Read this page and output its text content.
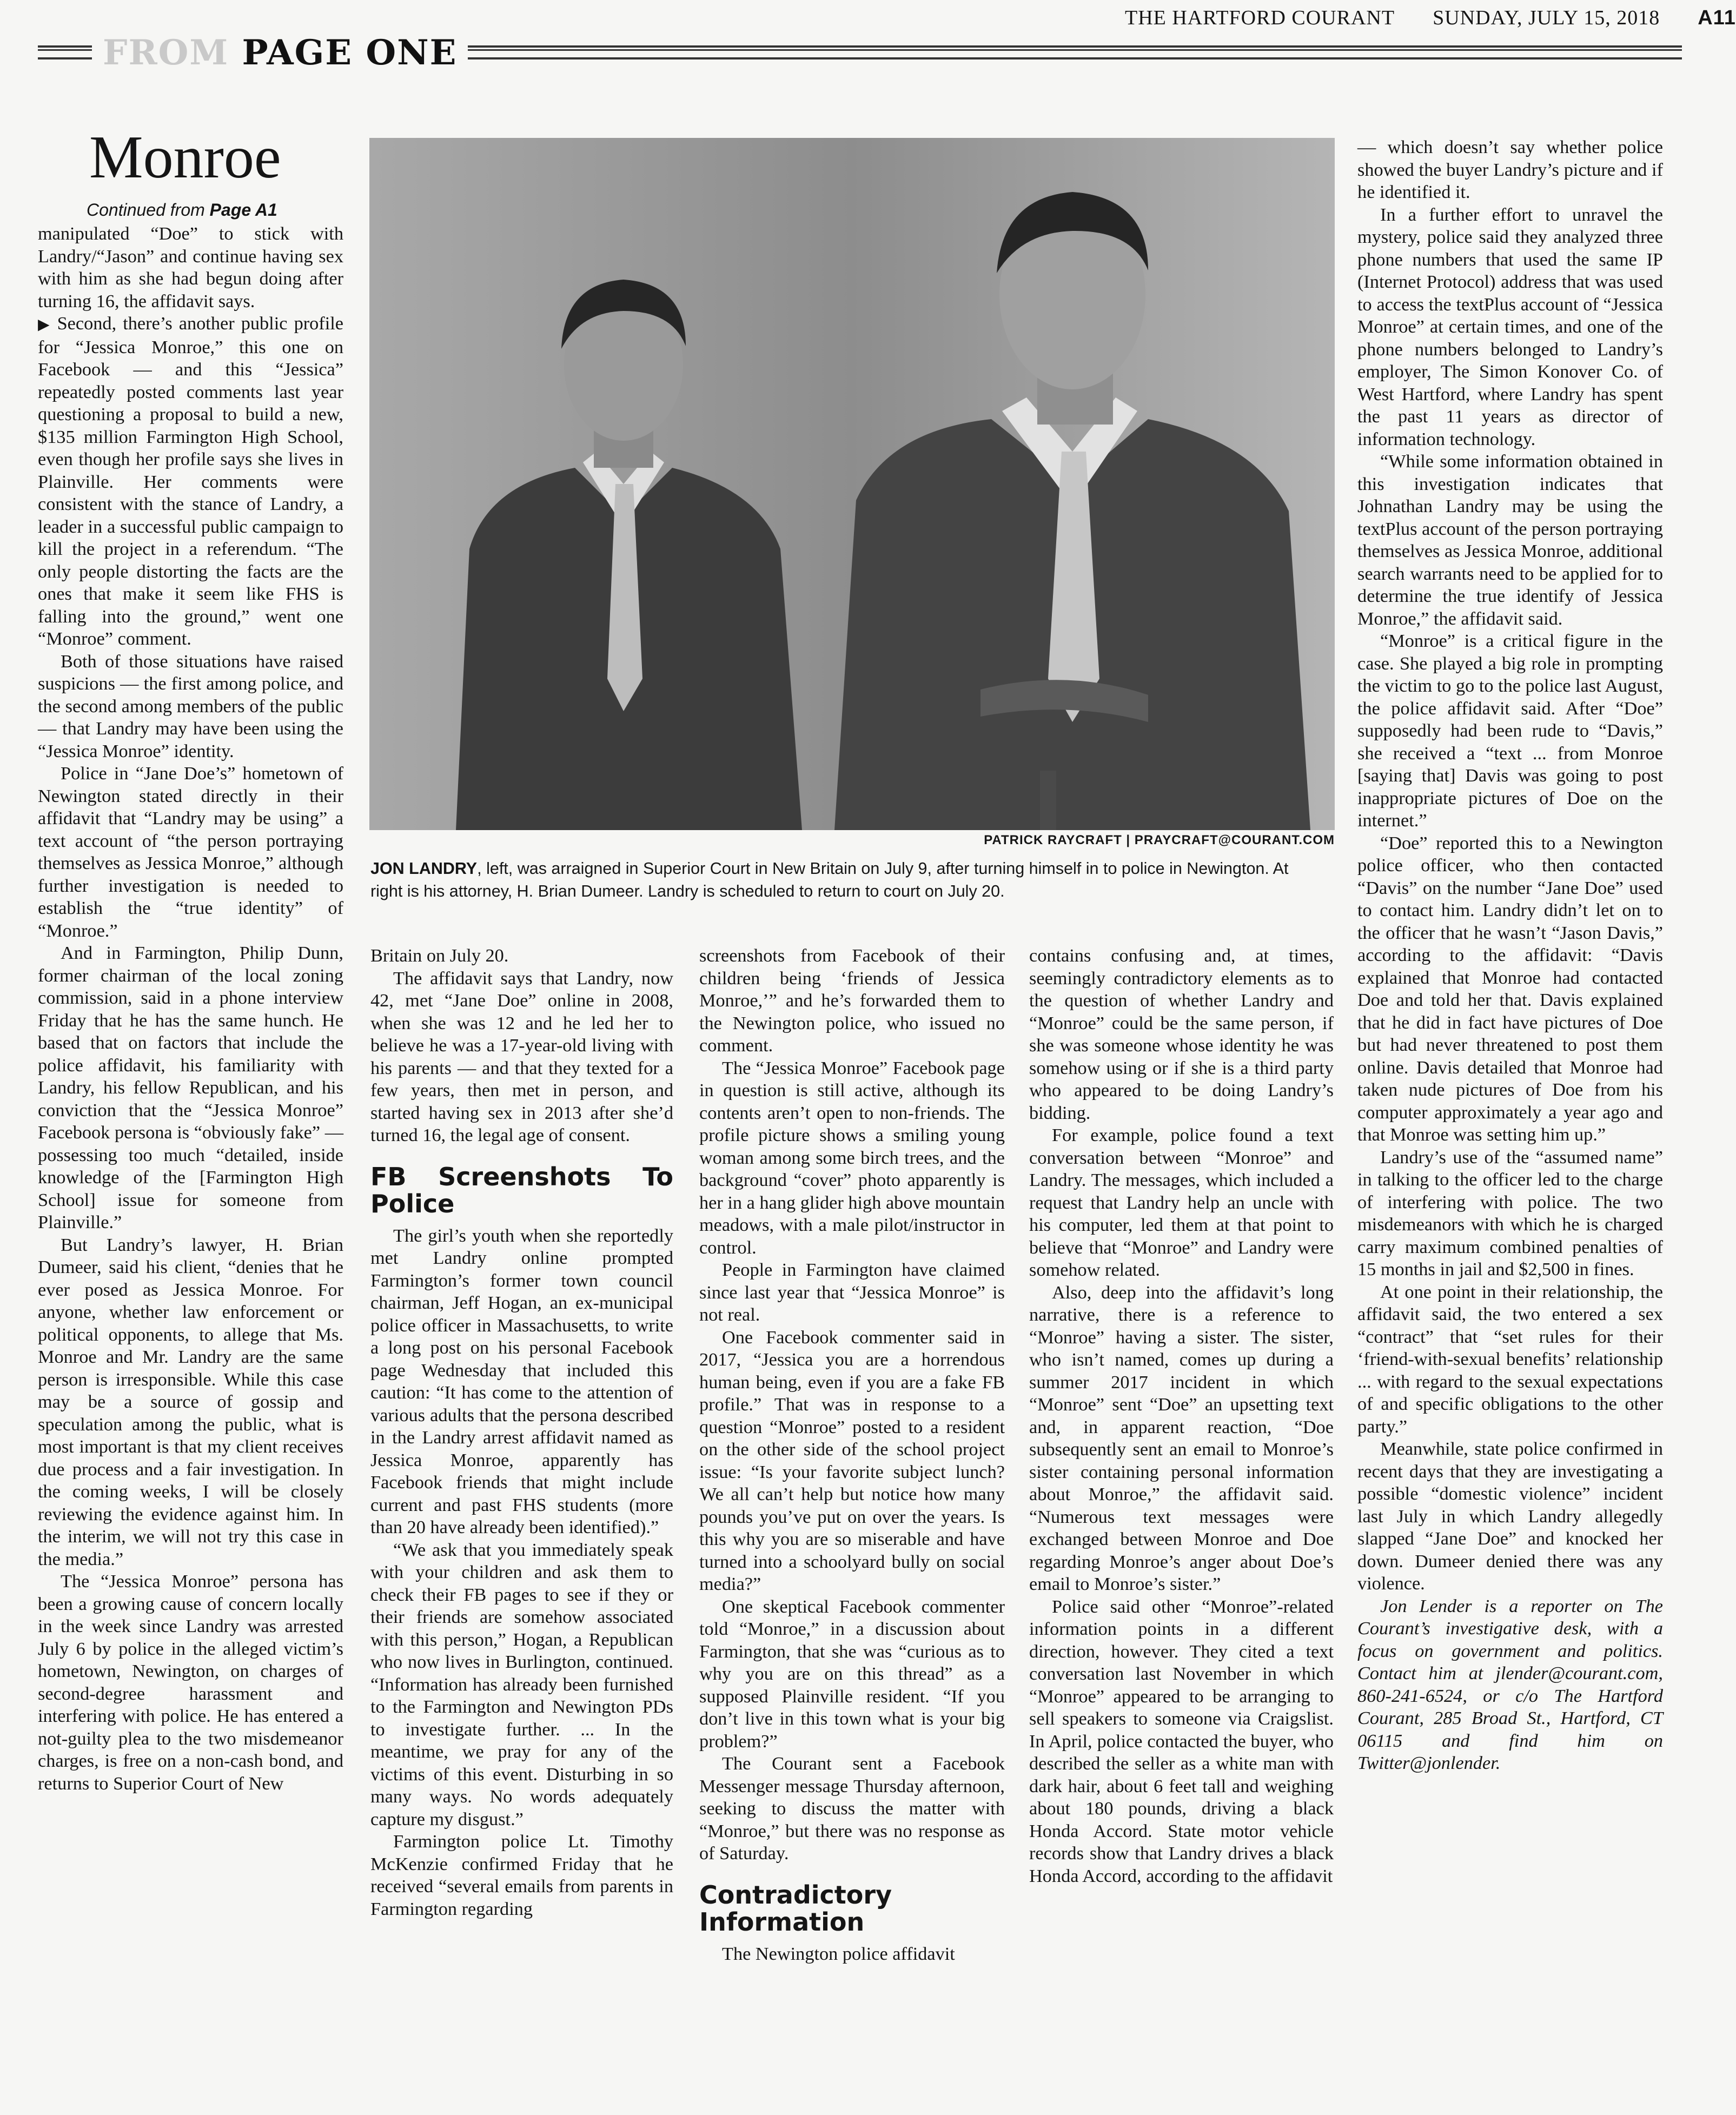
THE HARTFORD COURANT SUNDAY, JULY 15, 2018 A11
FROM PAGE ONE
Monroe
Continued from Page A1
PATRICK RAYCRAFT | PRAYCRAFT@COURANT.COM
JON LANDRY, left, was arraigned in Superior Court in New Britain on July 9, after turning himself in to police in Newington. At right is his attorney, H. Brian Dumeer. Landry is scheduled to return to court on July 20.

manipulated “Doe” to stick with Landry/“Jason” and continue having sex with him as she had begun doing after turning 16, the affidavit says.

▶ Second, there’s another public profile for “Jessica Monroe,” this one on Facebook — and this “Jessica” repeatedly posted comments last year questioning a proposal to build a new, $135 million Farmington High School, even though her profile says she lives in Plainville. Her comments were consistent with the stance of Landry, a leader in a successful public campaign to kill the project in a referendum. “The only people distorting the facts are the ones that make it seem like FHS is falling into the ground,” went one “Monroe” comment.

Both of those situations have raised suspicions — the first among police, and the second among members of the public — that Landry may have been using the “Jessica Monroe” identity.

Police in “Jane Doe’s” hometown of Newington stated directly in their affidavit that “Landry may be using” a text account of “the person portraying themselves as Jessica Monroe,” although further investigation is needed to establish the “true identity” of “Monroe.”

And in Farmington, Philip Dunn, former chairman of the local zoning commission, said in a phone interview Friday that he has the same hunch. He based that on factors that include the police affidavit, his familiarity with Landry, his fellow Republican, and his conviction that the “Jessica Monroe” Facebook persona is “obviously fake” — possessing too much “detailed, inside knowledge of the [Farmington High School] issue for someone from Plainville.”

But Landry’s lawyer, H. Brian Dumeer, said his client, “denies that he ever posed as Jessica Monroe. For anyone, whether law enforcement or political opponents, to allege that Ms. Monroe and Mr. Landry are the same person is irresponsible. While this case may be a source of gossip and speculation among the public, what is most important is that my client receives due process and a fair investigation. In the coming weeks, I will be closely reviewing the evidence against him. In the interim, we will not try this case in the media.”

The “Jessica Monroe” persona has been a growing cause of concern locally in the week since Landry was arrested July 6 by police in the alleged victim’s hometown, Newington, on charges of second-degree harassment and interfering with police. He has entered a not-guilty plea to the two misdemeanor charges, is free on a non-cash bond, and returns to Superior Court of New

Britain on July 20.

The affidavit says that Landry, now 42, met “Jane Doe” online in 2008, when she was 12 and he led her to believe he was a 17-year-old living with his parents — and that they texted for a few years, then met in person, and started having sex in 2013 after she’d turned 16, the legal age of consent.

FB Screenshots To Police

The girl’s youth when she reportedly met Landry online prompted Farmington’s former town council chairman, Jeff Hogan, an ex-municipal police officer in Massachusetts, to write a long post on his personal Facebook page Wednesday that included this caution: “It has come to the attention of various adults that the persona described in the Landry arrest affidavit named as Jessica Monroe, apparently has Facebook friends that might include current and past FHS students (more than 20 have already been identified).”

“We ask that you immediately speak with your children and ask them to check their FB pages to see if they or their friends are somehow associated with this person,” Hogan, a Republican who now lives in Burlington, continued. “Information has already been furnished to the Farmington and Newington PDs to investigate further. ... In the meantime, we pray for any of the victims of this event. Disturbing in so many ways. No words adequately capture my disgust.”

Farmington police Lt. Timothy McKenzie confirmed Friday that he received “several emails from parents in Farmington regarding

screenshots from Facebook of their children being ‘friends of Jessica Monroe,’” and he’s forwarded them to the Newington police, who issued no comment.

The “Jessica Monroe” Facebook page in question is still active, although its contents aren’t open to non-friends. The profile picture shows a smiling young woman among some birch trees, and the background “cover” photo apparently is her in a hang glider high above mountain meadows, with a male pilot/instructor in control.

People in Farmington have claimed since last year that “Jessica Monroe” is not real.

One Facebook commenter said in 2017, “Jessica you are a horrendous human being, even if you are a fake FB profile.” That was in response to a question “Monroe” posted to a resident on the other side of the school project issue: “Is your favorite subject lunch? We all can’t help but notice how many pounds you’ve put on over the years. Is this why you are so miserable and have turned into a schoolyard bully on social media?”

One skeptical Facebook commenter told “Monroe,” in a discussion about Farmington, that she was “curious as to why you are on this thread” as a supposed Plainville resident. “If you don’t live in this town what is your big problem?”

The Courant sent a Facebook Messenger message Thursday afternoon, seeking to discuss the matter with “Monroe,” but there was no response as of Saturday.

Contradictory Information

The Newington police affidavit

contains confusing and, at times, seemingly contradictory elements as to the question of whether Landry and “Monroe” could be the same person, if she was someone whose identity he was somehow using or if she is a third party who appeared to be doing Landry’s bidding.

For example, police found a text conversation between “Monroe” and Landry. The messages, which included a request that Landry help an uncle with his computer, led them at that point to believe that “Monroe” and Landry were somehow related.

Also, deep into the affidavit’s long narrative, there is a reference to “Monroe” having a sister. The sister, who isn’t named, comes up during a summer 2017 incident in which “Monroe” sent “Doe” an upsetting text and, in apparent reaction, “Doe subsequently sent an email to Monroe’s sister containing personal information about Monroe,” the affidavit said. “Numerous text messages were exchanged between Monroe and Doe regarding Monroe’s anger about Doe’s email to Monroe’s sister.”

Police said other “Monroe”-related information points in a different direction, however. They cited a text conversation last November in which “Monroe” appeared to be arranging to sell speakers to someone via Craigslist. In April, police contacted the buyer, who described the seller as a white man with dark hair, about 6 feet tall and weighing about 180 pounds, driving a black Honda Accord. State motor vehicle records show that Landry drives a black Honda Accord, according to the affidavit

— which doesn’t say whether police showed the buyer Landry’s picture and if he identified it.

In a further effort to unravel the mystery, police said they analyzed three phone numbers that used the same IP (Internet Protocol) address that was used to access the textPlus account of “Jessica Monroe” at certain times, and one of the phone numbers belonged to Landry’s employer, The Simon Konover Co. of West Hartford, where Landry has spent the past 11 years as director of information technology.

“While some information obtained in this investigation indicates that Johnathan Landry may be using the textPlus account of the person portraying themselves as Jessica Monroe, additional search warrants need to be applied for to determine the true identify of Jessica Monroe,” the affidavit said.

“Monroe” is a critical figure in the case. She played a big role in prompting the victim to go to the police last August, the police affidavit said. After “Doe” supposedly had been rude to “Davis,” she received a “text ... from Monroe [saying that] Davis was going to post inappropriate pictures of Doe on the internet.”

“Doe” reported this to a Newington police officer, who then contacted “Davis” on the number “Jane Doe” used to contact him. Landry didn’t let on to the officer that he wasn’t “Jason Davis,” according to the affidavit: “Davis explained that Monroe had contacted Doe and told her that. Davis explained that he did in fact have pictures of Doe but had never threatened to post them online. Davis detailed that Monroe had taken nude pictures of Doe from his computer approximately a year ago and that Monroe was setting him up.”

Landry’s use of the “assumed name” in talking to the officer led to the charge of interfering with police. The two misdemeanors with which he is charged carry maximum combined penalties of 15 months in jail and $2,500 in fines.

At one point in their relationship, the affidavit said, the two entered a sex “contract” that “set rules for their ‘friend-with-sexual benefits’ relationship ... with regard to the sexual expectations of and specific obligations to the other party.”

Meanwhile, state police confirmed in recent days that they are investigating a possible “domestic violence” incident last July in which Landry allegedly slapped “Jane Doe” and knocked her down. Dumeer denied there was any violence.

Jon Lender is a reporter on The Courant’s investigative desk, with a focus on government and politics. Contact him at jlender@courant.com, 860-241-6524, or c/o The Hartford Courant, 285 Broad St., Hartford, CT 06115 and find him on Twitter@jonlender.
